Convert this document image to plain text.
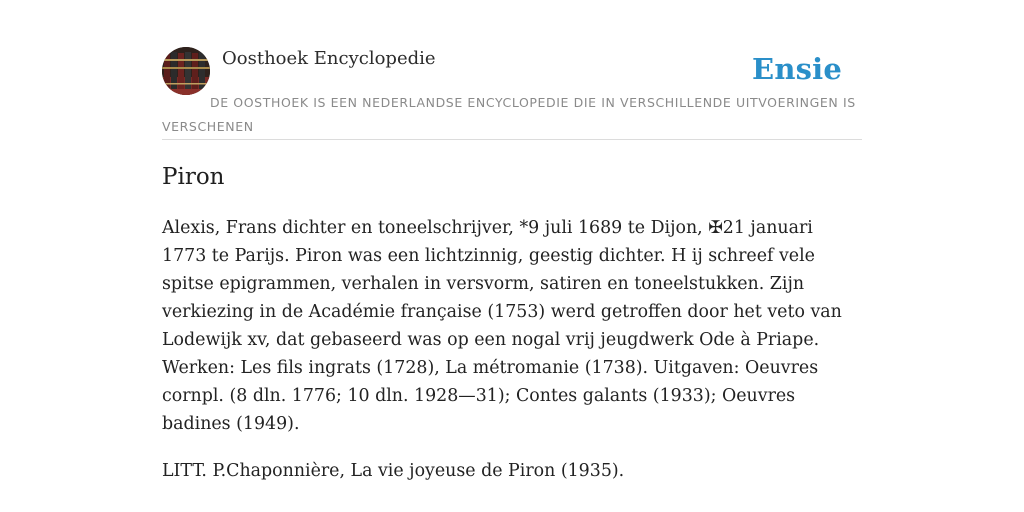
Oosthoek Encyclopedie	Ensie
DE OOSTHOEK IS EEN NEDERLANDSE ENCYCLOPEDIE DIE IN VERSCHILLENDE UITVOERINGEN IS VERSCHENEN
Piron

Alexis, Frans dichter en toneelschrijver, *9 juli 1689 te Dijon, ✠21 januari 1773 te Parijs. Piron was een lichtzinnig, geestig dichter. H ij schreef vele spitse epigrammen, verhalen in versvorm, satiren en toneelstukken. Zijn verkiezing in de Académie française (1753) werd getroffen door het veto van Lodewijk xv, dat gebaseerd was op een nogal vrij jeugdwerk Ode à Priape. Werken: Les fils ingrats (1728), La métromanie (1738). Uitgaven: Oeuvres cornpl. (8 dln. 1776; 10 dln. 1928—31); Contes galants (1933); Oeuvres badines (1949).

LITT. P.Chaponnière, La vie joyeuse de Piron (1935).
